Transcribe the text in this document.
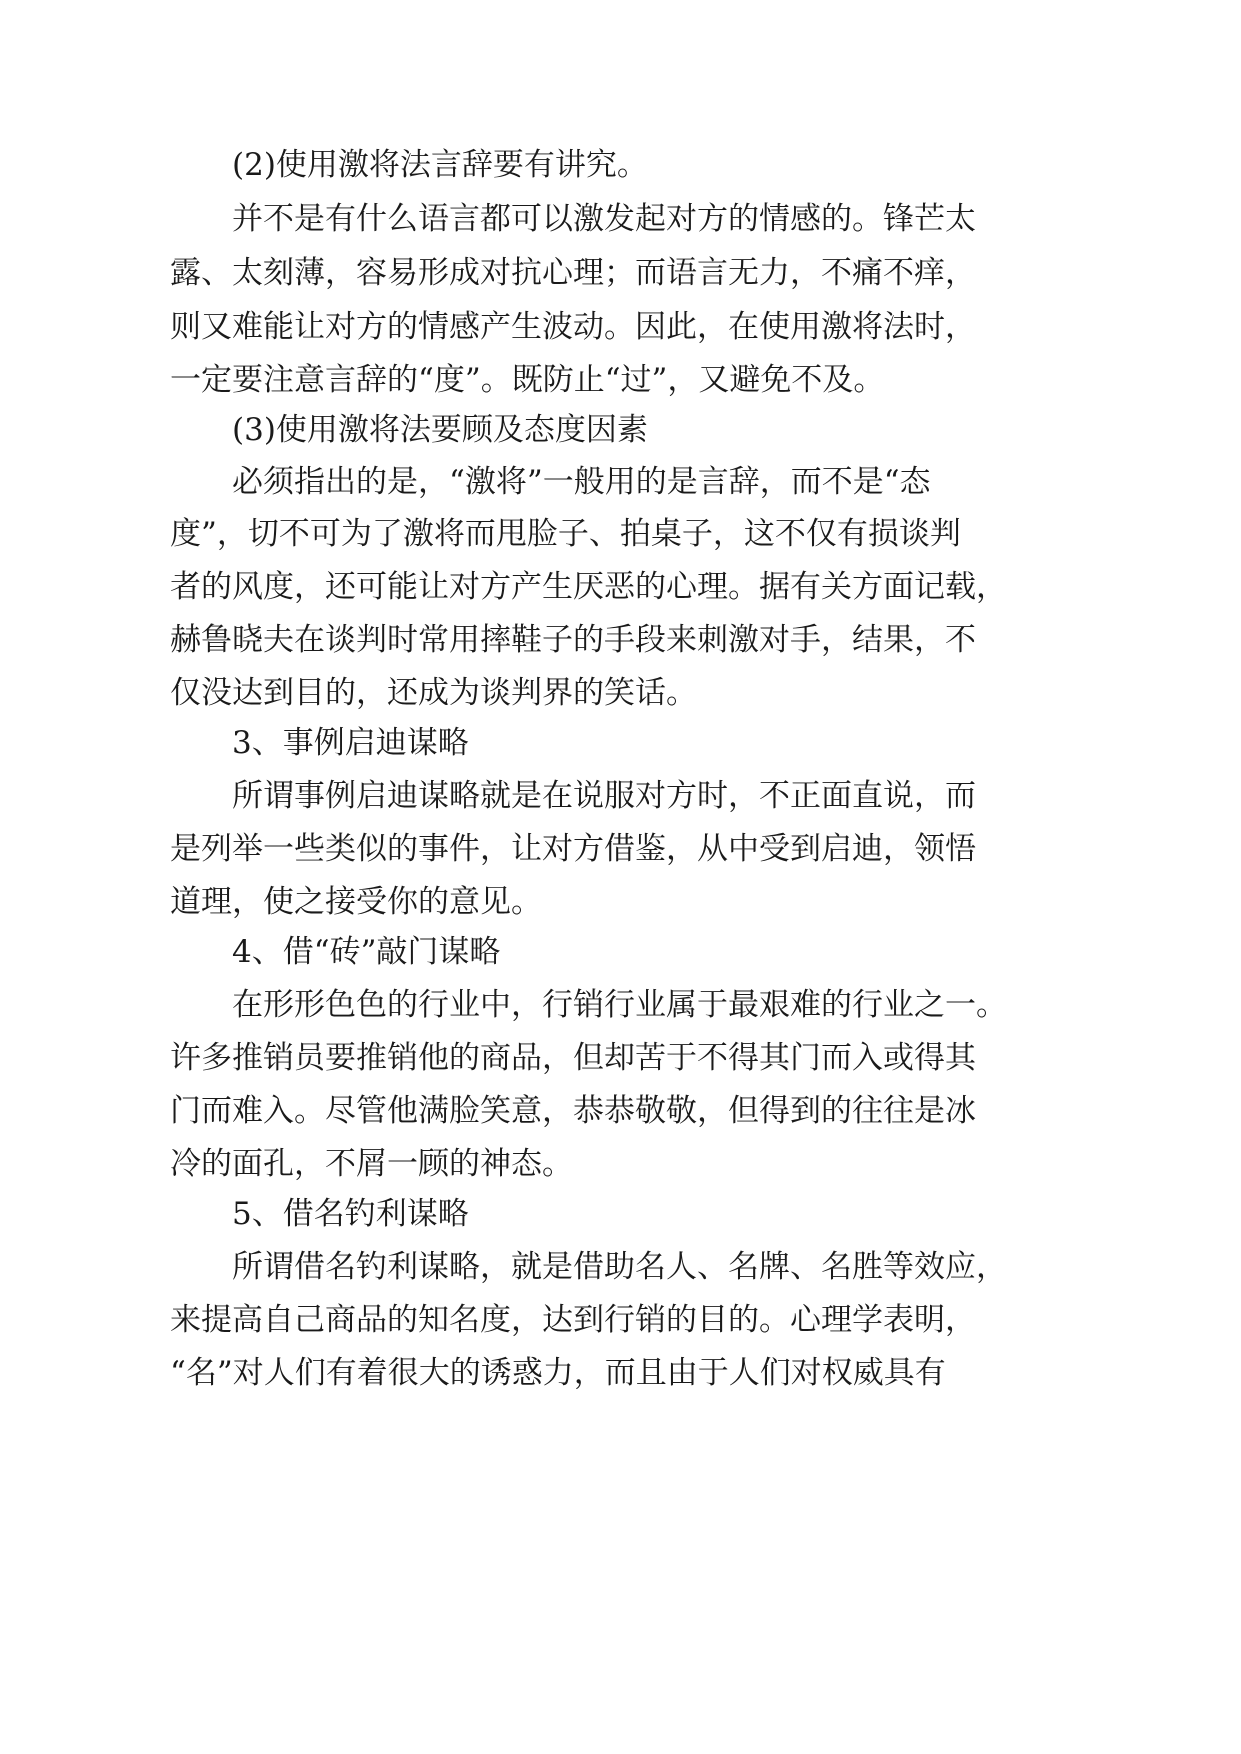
(2)使用激将法言辞要有讲究。
并不是有什么语言都可以激发起对方的情感的。锋芒太
露、太刻薄，容易形成对抗心理；而语言无力，不痛不痒，
则又难能让对方的情感产生波动。因此，在使用激将法时，
一定要注意言辞的“度”。既防止“过”，又避免不及。
(3)使用激将法要顾及态度因素
必须指出的是，“激将”一般用的是言辞，而不是“态
度”，切不可为了激将而甩脸子、拍桌子，这不仅有损谈判
者的风度，还可能让对方产生厌恶的心理。据有关方面记载，
赫鲁晓夫在谈判时常用摔鞋子的手段来刺激对手，结果，不
仅没达到目的，还成为谈判界的笑话。
3、事例启迪谋略
所谓事例启迪谋略就是在说服对方时，不正面直说，而
是列举一些类似的事件，让对方借鉴，从中受到启迪，领悟
道理，使之接受你的意见。
4、借“砖”敲门谋略
在形形色色的行业中，行销行业属于最艰难的行业之一。
许多推销员要推销他的商品，但却苦于不得其门而入或得其
门而难入。尽管他满脸笑意，恭恭敬敬，但得到的往往是冰
冷的面孔，不屑一顾的神态。
5、借名钓利谋略
所谓借名钓利谋略，就是借助名人、名牌、名胜等效应，
来提高自己商品的知名度，达到行销的目的。心理学表明，
“名”对人们有着很大的诱惑力，而且由于人们对权威具有
